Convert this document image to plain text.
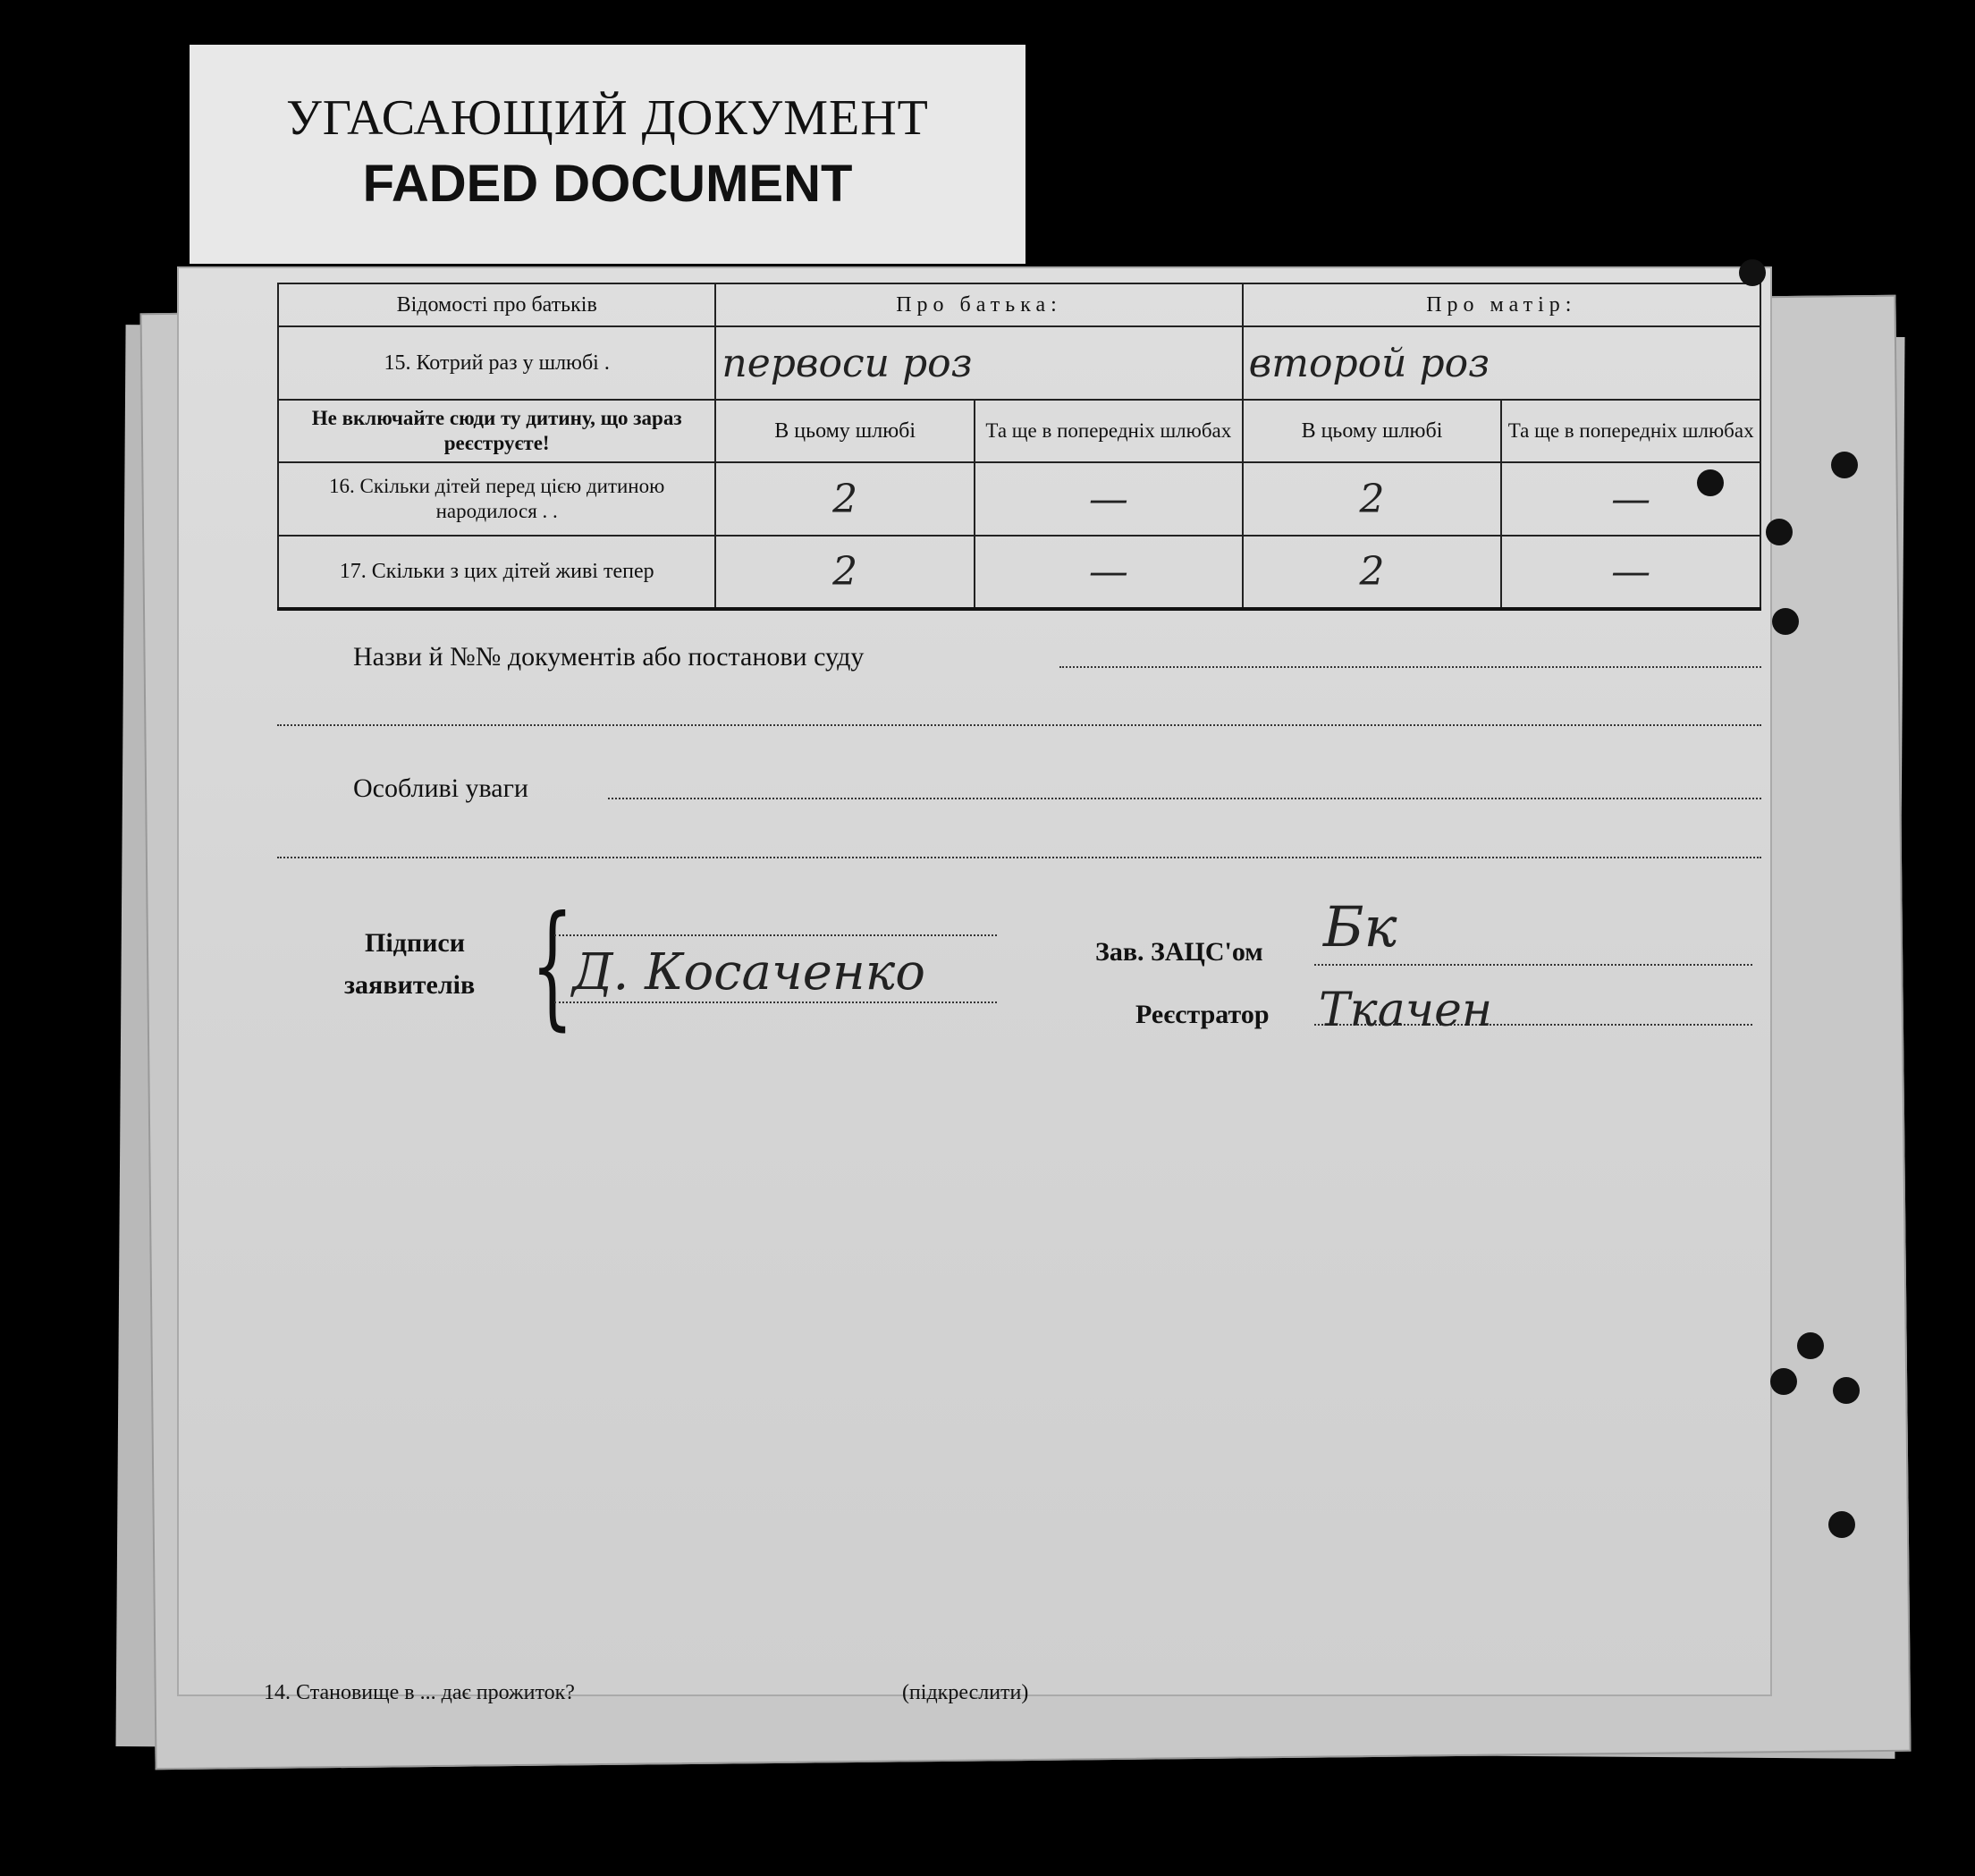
УГАСАЮЩИЙ ДОКУМЕНТ
FADED DOCUMENT
Відомості про батьків	Про батька:		Про матір:	
15. Котрий раз у шлюбі .	первоси роз		второй роз	
Не включайте сюди ту дитину, що зараз реєструєте!	В цьому шлюбі	Та ще в попередніх шлюбах	В цьому шлюбі	Та ще в попередніх шлюбах
16. Скільки дітей перед цією дитиною народилося . .	2	—	2	—
17. Скільки з цих дітей живі тепер	2	—	2	—
Назви й №№ документів або постанови суду
Особливі уваги
Підписи
заявителів {
Д. Косаченко	Зав. ЗАЦС'ом Бк
Реєстратор Ткачен
14. Становище в ... дає прожиток?	(підкреслити)
